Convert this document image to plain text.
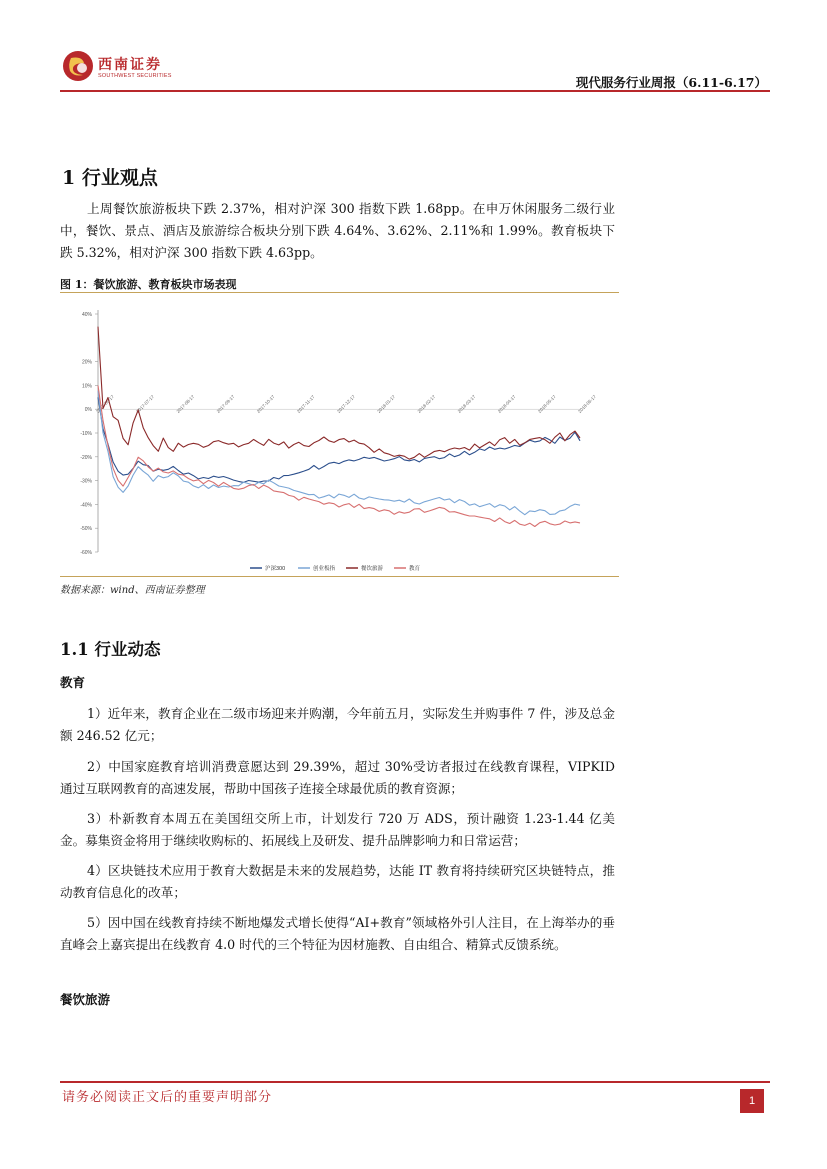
西南证券
SOUTHWEST SECURITIES	现代服务行业周报（6.11-6.17）
1 行业观点
上周餐饮旅游板块下跌 2.37%，相对沪深 300 指数下跌 1.68pp。在申万休闲服务二级行业中，餐饮、景点、酒店及旅游综合板块分别下跌 4.64%、3.62%、2.11%和 1.99%。教育板块下跌 5.32%，相对沪深 300 指数下跌 4.63pp。
图 1：餐饮旅游、教育板块市场表现
40%
20%
10%
0%
-10%
-20%
-30%
-40%
-50%
-60%
2017-06-17	2017-07-17	2017-08-17	2017-09-17	2017-10-17	2017-11-17	2017-12-17	2018-01-17	2018-02-17	2018-03-17	2018-04-17	2018-05-17	2018-06-17
沪深300	创业板指	餐饮旅游	教育
数据来源：wind、西南证券整理
1.1 行业动态
教育
1）近年来，教育企业在二级市场迎来并购潮，今年前五月，实际发生并购事件 7 件，涉及总金额 246.52 亿元；
2）中国家庭教育培训消费意愿达到 29.39%，超过 30%受访者报过在线教育课程，VIPKID 通过互联网教育的高速发展，帮助中国孩子连接全球最优质的教育资源；
3）朴新教育本周五在美国纽交所上市，计划发行 720 万 ADS，预计融资 1.23-1.44 亿美金。募集资金将用于继续收购标的、拓展线上及研发、提升品牌影响力和日常运营；
4）区块链技术应用于教育大数据是未来的发展趋势，达能 IT 教育将持续研究区块链特点，推动教育信息化的改革；
5）因中国在线教育持续不断地爆发式增长使得“AI+教育”领域格外引人注目，在上海举办的垂直峰会上嘉宾提出在线教育 4.0 时代的三个特征为因材施教、自由组合、精算式反馈系统。
餐饮旅游
请务必阅读正文后的重要声明部分	1
